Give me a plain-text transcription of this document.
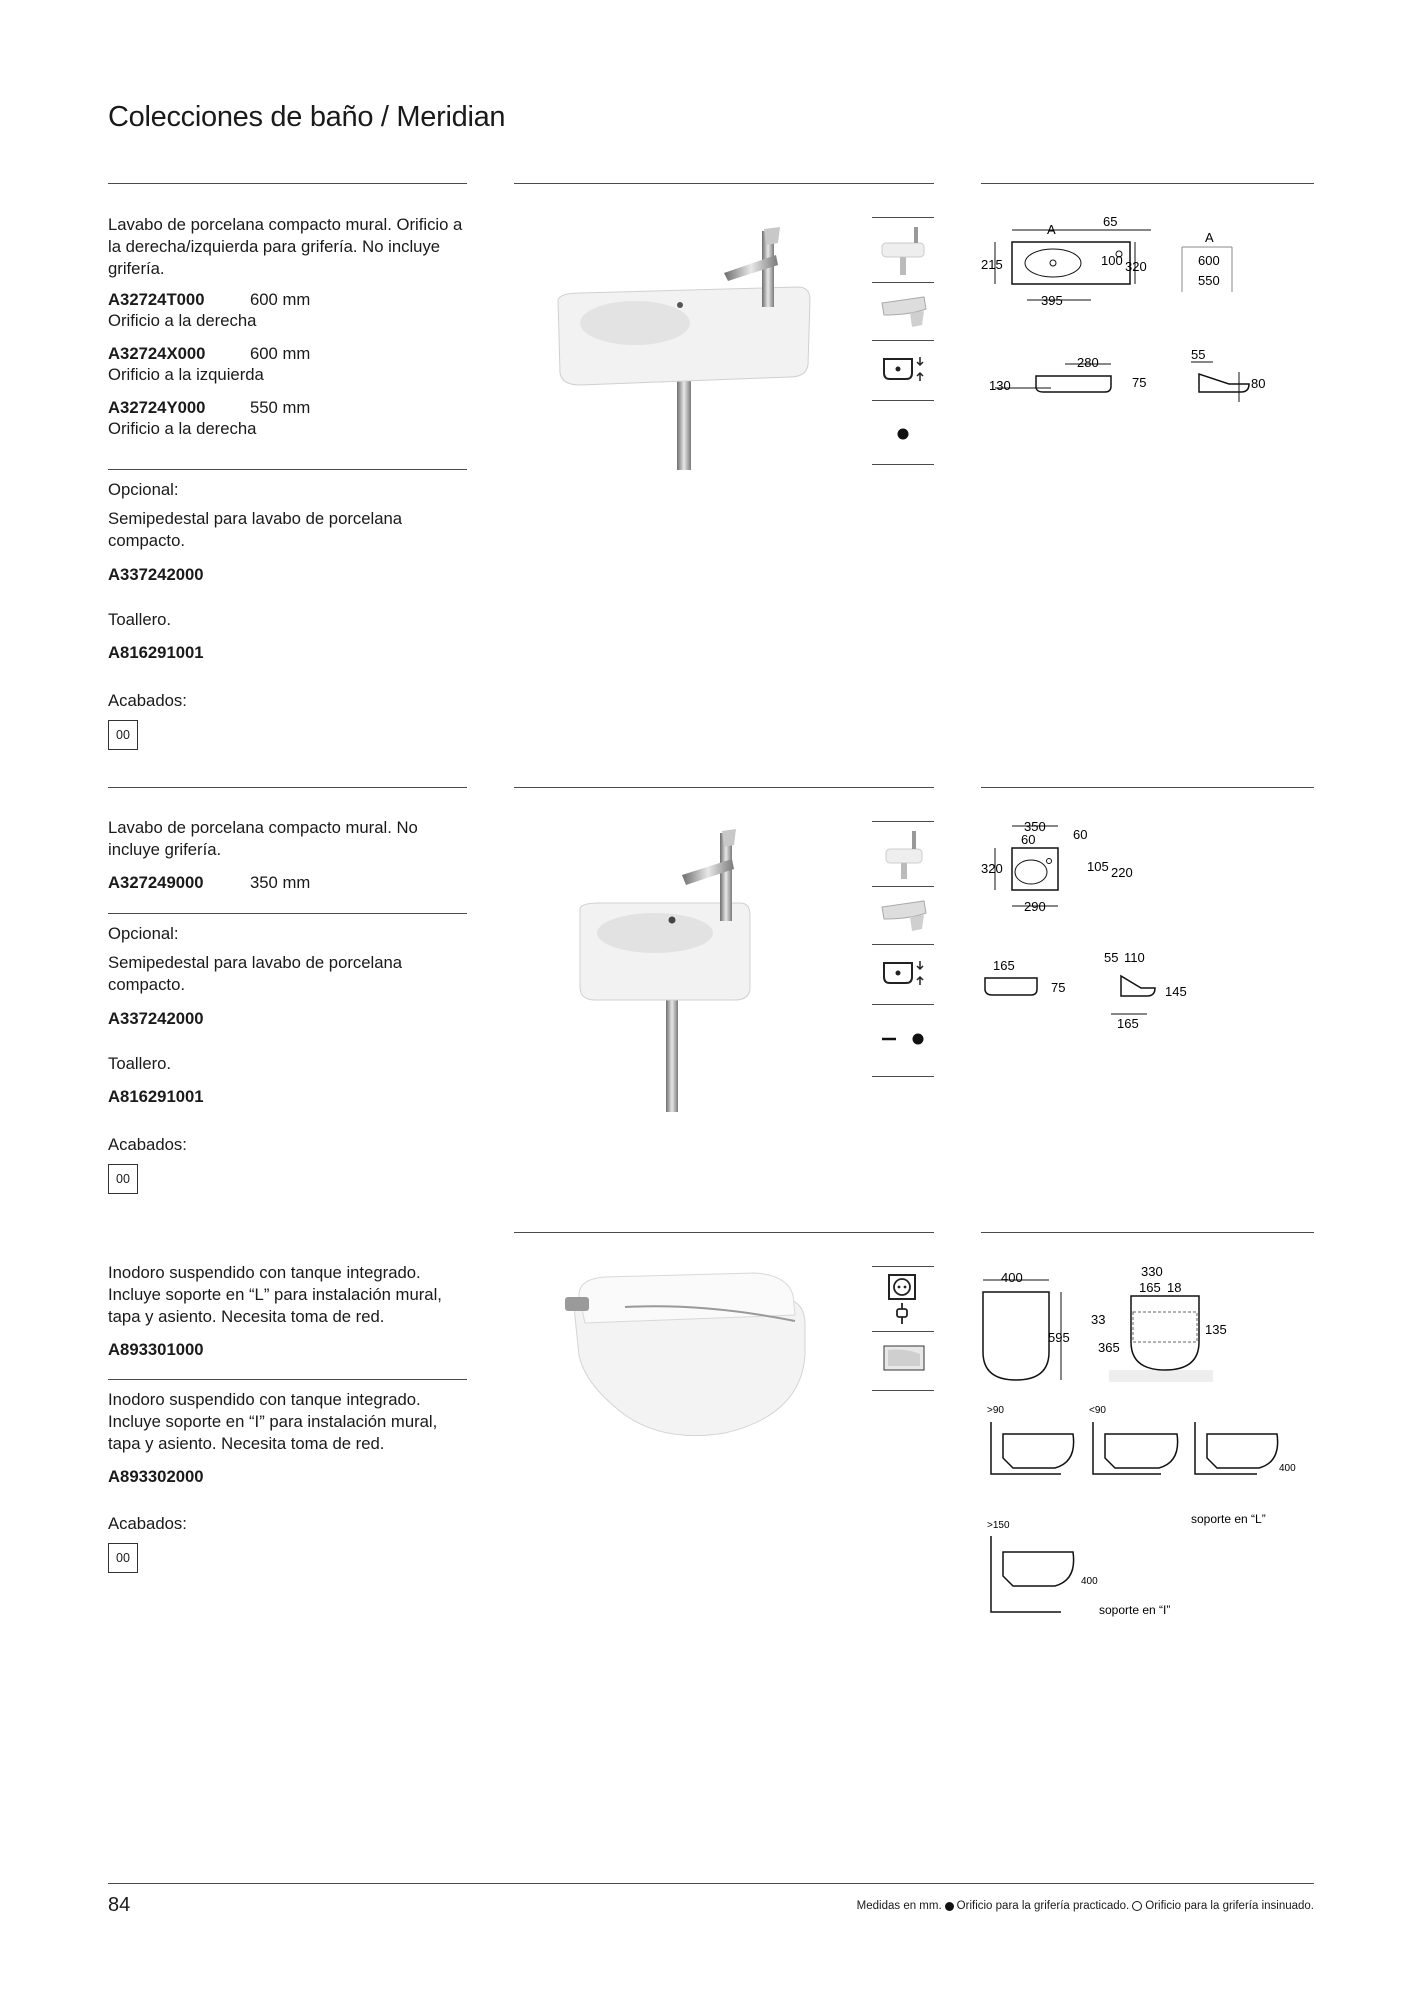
Colecciones de baño / Meridian
Lavabo de porcelana compacto mural. Orificio a la derecha/izquierda para grifería. No incluye grifería.
A32724T000	600 mm
Orificio a la derecha
A32724X000	600 mm
Orificio a la izquierda
A32724Y000	550 mm
Orificio a la derecha
Opcional:
Semipedestal para lavabo de porcelana compacto.
A337242000
Toallero.
A816291001
Acabados:
00
A
65
215	100 320
395
A
600
550
130
280
75
55
80
Lavabo de porcelana compacto mural. No incluye grifería.
A327249000	350 mm
Opcional:
Semipedestal para lavabo de porcelana compacto.
A337242000
Toallero.
A816291001
Acabados:
00
350
60	60
320	105 220
290
165
75
55 110
145
165
Inodoro suspendido con tanque integrado. Incluye soporte en “L” para instalación mural, tapa y asiento. Necesita toma de red.
A893301000
Inodoro suspendido con tanque integrado. Incluye soporte en “I” para instalación mural, tapa y asiento. Necesita toma de red.
A893302000
Acabados:
00
400
595
330
165 18
33
135
365
>90	<90
400
soporte en “L”
>150
400
soporte en “I”
84	Medidas en mm. Orificio para la grifería practicado. Orificio para la grifería insinuado.
